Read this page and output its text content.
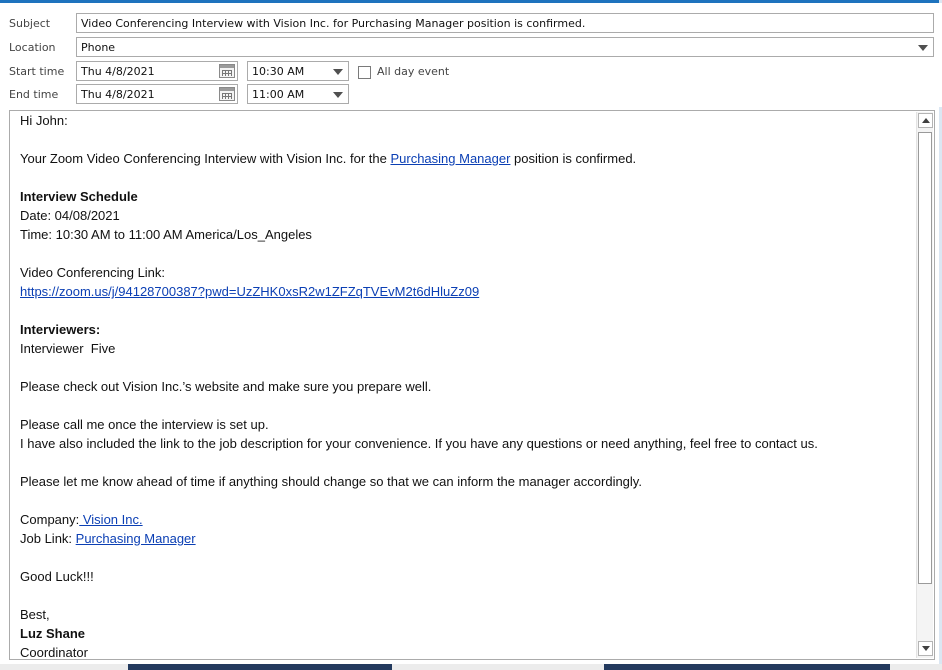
Subject	Video Conferencing Interview with Vision Inc. for Purchasing Manager position is confirmed.
Location	Phone
Start time	Thu 4/8/2021	10:30 AM	All day event
End time	Thu 4/8/2021	11:00 AM
Hi John:
Your Zoom Video Conferencing Interview with Vision Inc. for the Purchasing Manager position is confirmed.
Interview Schedule
Date: 04/08/2021
Time: 10:30 AM to 11:00 AM America/Los_Angeles
Video Conferencing Link:
https://zoom.us/j/94128700387?pwd=UzZHK0xsR2w1ZFZqTVEvM2t6dHluZz09
Interviewers:
Interviewer  Five
Please check out Vision Inc.’s website and make sure you prepare well.
Please call me once the interview is set up.
I have also included the link to the job description for your convenience. If you have any questions or need anything, feel free to contact us.
Please let me know ahead of time if anything should change so that we can inform the manager accordingly.
Company: Vision Inc.
Job Link: Purchasing Manager
Good Luck!!!
Best,
Luz Shane
Coordinator
